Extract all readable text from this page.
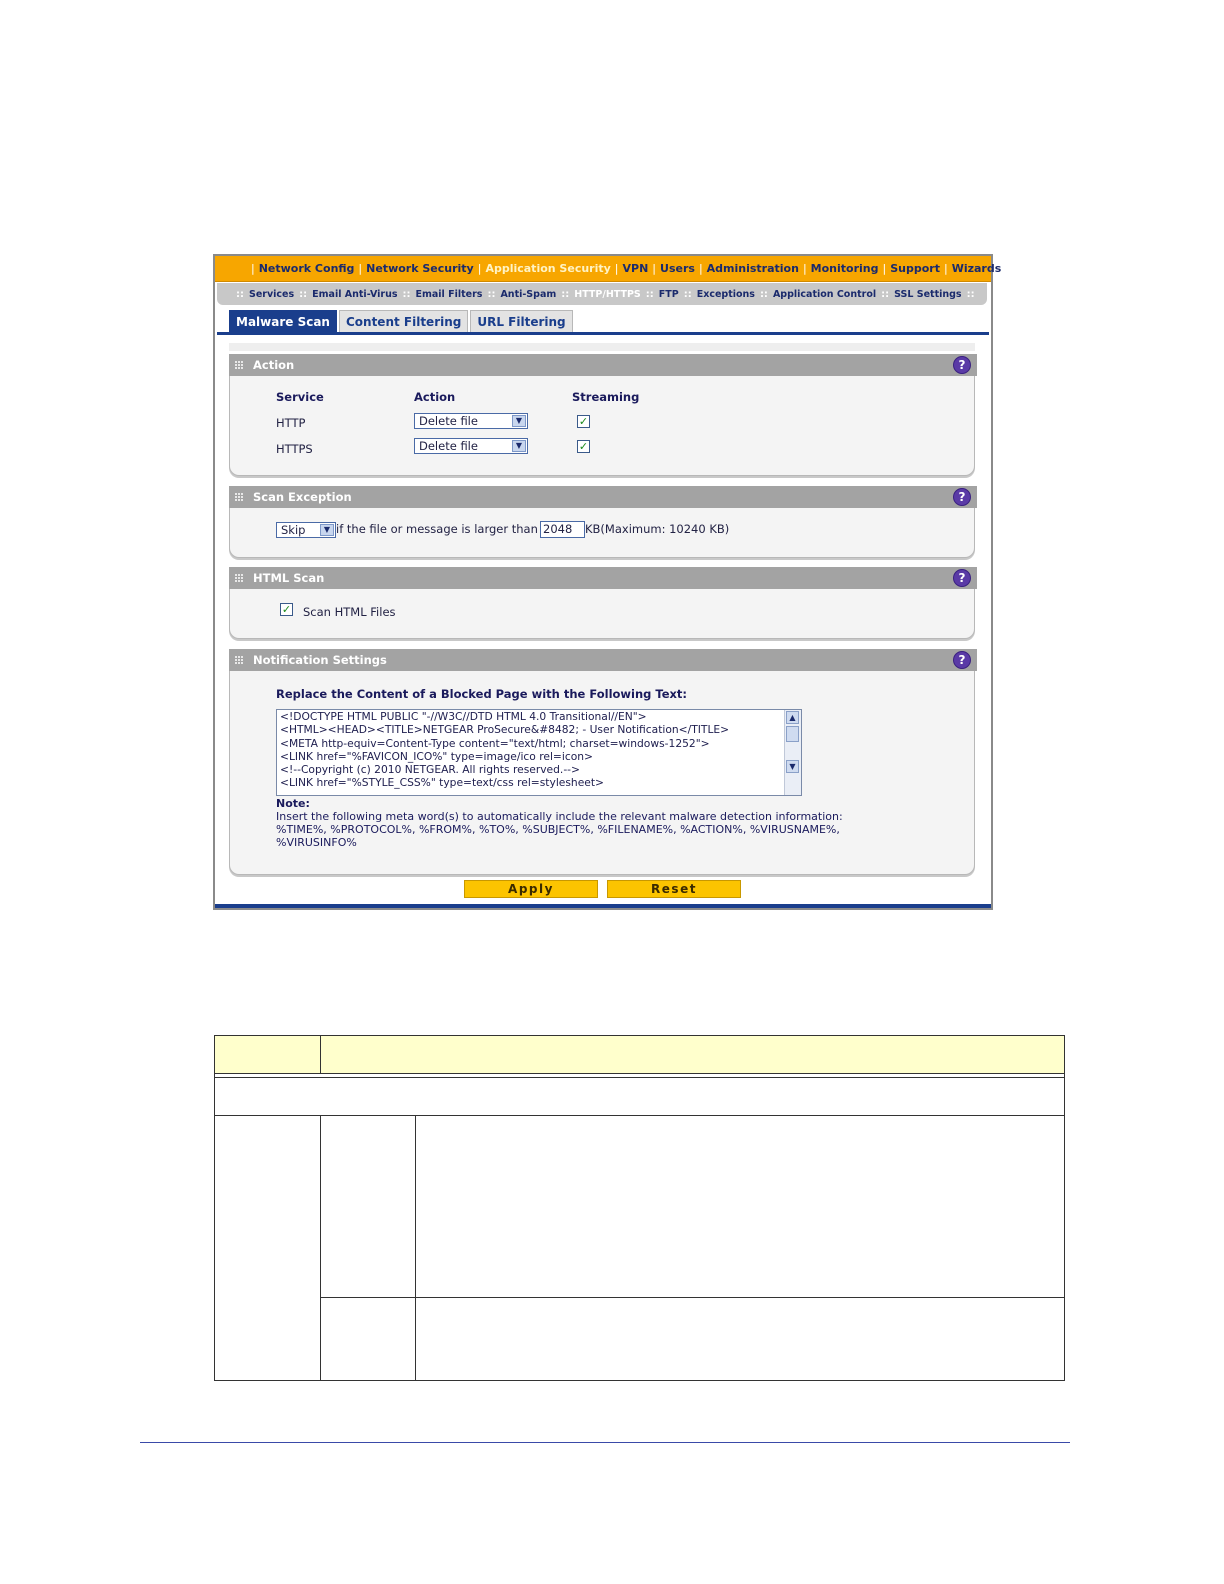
| Network Config | Network Security | Application Security | VPN | Users | Administration | Monitoring | Support | Wizards |
:: Services :: Email Anti-Virus :: Email Filters :: Anti-Spam :: HTTP/HTTPS :: FTP :: Exceptions :: Application Control :: SSL Settings ::
Malware Scan	Content Filtering	URL Filtering
Action	?
Service	Action	Streaming
HTTP	Delete file	▼	✓
HTTPS	Delete file	▼	✓
Scan Exception	?
Skip	▼ if the file or message is larger than 2048	KB(Maximum: 10240 KB)
HTML Scan	?
✓ Scan HTML Files
Notification Settings	?
Replace the Content of a Blocked Page with the Following Text:
<!DOCTYPE HTML PUBLIC "-//W3C//DTD HTML 4.0 Transitional//EN">
<HTML><HEAD><TITLE>NETGEAR ProSecure&#8482; - User Notification</TITLE>
<META http-equiv=Content-Type content="text/html; charset=windows-1252">
<LINK href="%FAVICON_ICO%" type=image/ico rel=icon>
<!--Copyright (c) 2010 NETGEAR. All rights reserved.-->
<LINK href="%STYLE_CSS%" type=text/css rel=stylesheet>
▲
▼
Note:
Insert the following meta word(s) to automatically include the relevant malware detection information:
%TIME%, %PROTOCOL%, %FROM%, %TO%, %SUBJECT%, %FILENAME%, %ACTION%, %VIRUSNAME%,
%VIRUSINFO%
Apply	Reset
